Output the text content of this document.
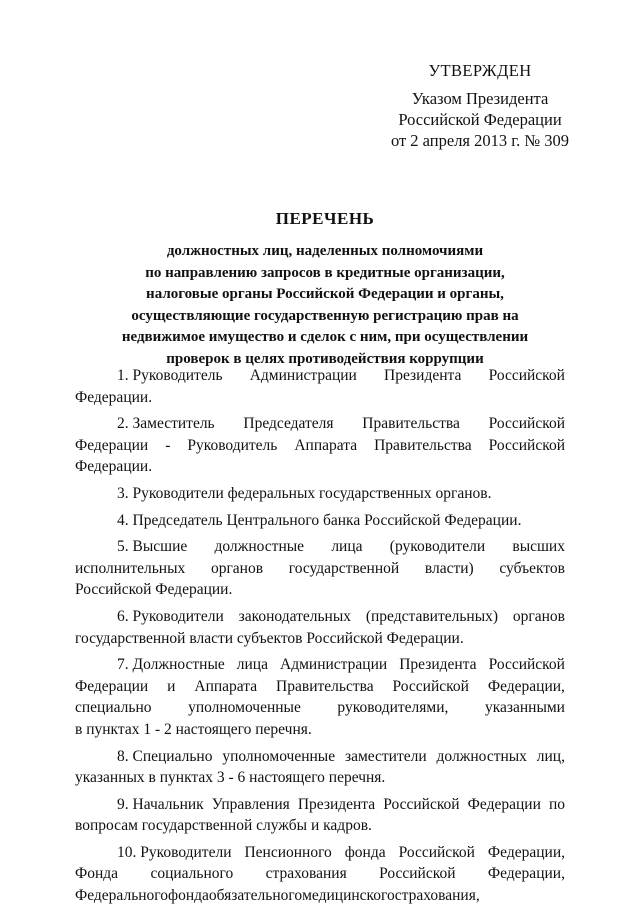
УТВЕРЖДЕН
Указом Президента
Российской Федерации
от 2 апреля 2013 г. № 309
ПЕРЕЧЕНЬ
должностных лиц, наделенных полномочиями
по направлению запросов в кредитные организации,
налоговые органы Российской Федерации и органы,
осуществляющие государственную регистрацию прав на
недвижимое имущество и сделок с ним, при осуществлении
проверок в целях противодействия коррупции
1. Руководитель Администрации Президента Российской
Федерации.
2. Заместитель Председателя Правительства Российской
Федерации - Руководитель Аппарата Правительства Российской
Федерации.
3. Руководители федеральных государственных органов.
4. Председатель Центрального банка Российской Федерации.
5. Высшие должностные лица (руководители высших
исполнительных органов государственной власти) субъектов
Российской Федерации.
6. Руководители законодательных (представительных) органов
государственной власти субъектов Российской Федерации.
7. Должностные лица Администрации Президента Российской
Федерации и Аппарата Правительства Российской Федерации,
специально уполномоченные руководителями, указанными
в пунктах 1 - 2 настоящего перечня.
8. Специально уполномоченные заместители должностных лиц,
указанных в пунктах 3 - 6 настоящего перечня.
9. Начальник Управления Президента Российской Федерации по
вопросам государственной службы и кадров.
10. Руководители Пенсионного фонда Российской Федерации,
Фонда социального страхования Российской Федерации,
Федерального фонда обязательного медицинского страхования,
